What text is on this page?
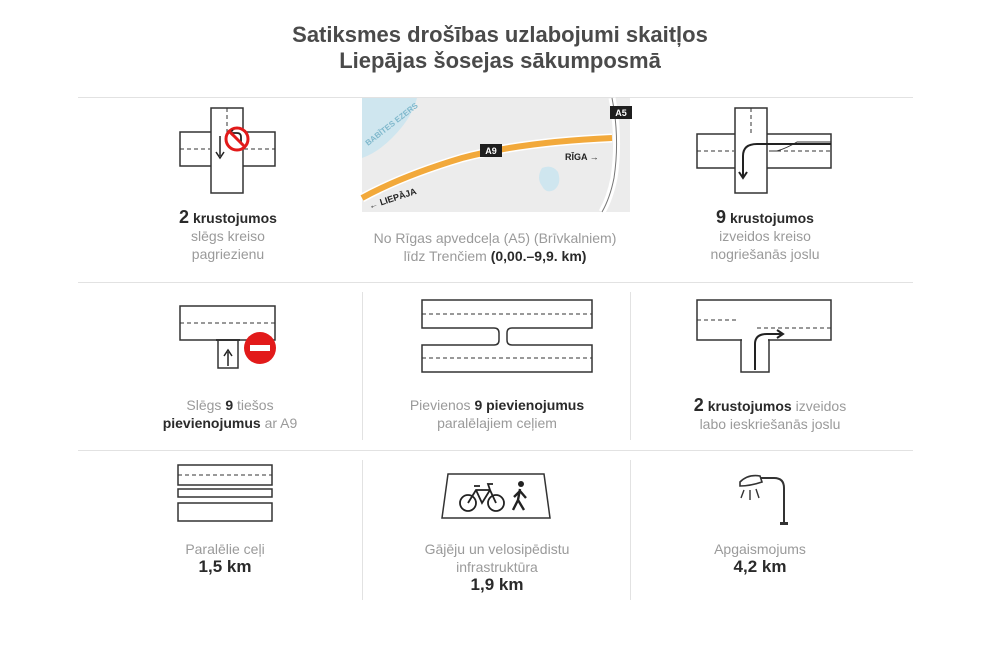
Satiksmes drošības uzlabojumi skaitļos
Liepājas šosejas sākumposmā
2 krustojumos
slēgs kreiso
pagriezienu
BABĪTES EZERS
A9
A5
RĪGA →
← LIEPĀJA
No Rīgas apvedceļa (A5) (Brīvkalniem)
līdz Trenčiem (0,00.–9,9. km)
9 krustojumos
izveidos kreiso
nogriešanās joslu
Slēgs 9 tiešos
pievienojumus ar A9
Pievienos 9 pievienojumus
paralēlajiem ceļiem
2 krustojumos izveidos
labo ieskriešanās joslu
Paralēlie ceļi
1,5 km
Gājēju un velosipēdistu
infrastruktūra
1,9 km
Apgaismojums
4,2 km
